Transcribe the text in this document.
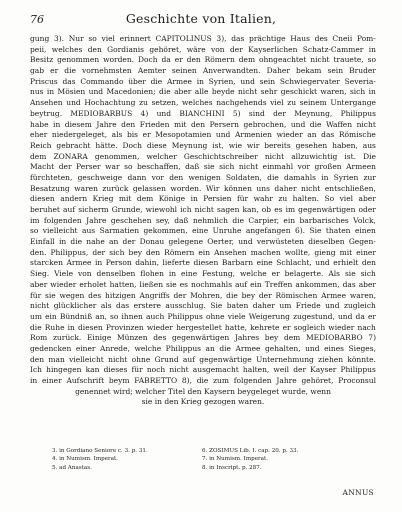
76	Geschichte von Italien,
gung 3). Nur so viel erinnert CAPITOLINUS 3), das prächtige Haus des Cneii Pom-
peii, welches den Gordianis gehöret, wäre von der Kayserlichen Schatz-Cammer in
Besitz genommen worden. Doch da er den Römern dem ohngeachtet nicht trauete, so
gab er die vornehmsten Aemter seinen Anverwandten. Daher bekam sein Bruder
Priscus das Commando über die Armee in Syrien, und sein Schwiegervater Severia-
nus in Mösien und Macedonien; die aber alle beyde nicht sehr geschickt waren, sich in
Ansehen und Hochachtung zu setzen, welches nachgehends viel zu seinem Untergange
beytrug. MEDIOBARBUS 4) und BIANCHINI 5) sind der Meynung, Philippus
habe in diesem Jahre den Frieden mit den Persern gebrochen, und die Waffen nicht
eher niedergeleget, als bis er Mesopotamien und Armenien wieder an das Römische
Reich gebracht hätte. Doch diese Meynung ist, wie wir bereits gesehen haben, aus
dem ZONARA genommen, welcher Geschichtschreiber nicht allzuwichtig ist. Die
Macht der Perser war so beschaffen, daß sie sich nicht einmahl vor großen Armeen
fürchteten, geschweige dann vor den wenigen Soldaten, die damahls in Syrien zur
Besatzung waren zurück gelassen worden. Wir können uns daher nicht entschließen,
diesen andern Krieg mit dem Könige in Persien für wahr zu halten. So viel aber
beruhet auf sicherm Grunde, wiewohl ich nicht sagen kan, ob es im gegenwärtigen oder
im folgenden Jahre geschehen sey, daß nehmlich die Carpier, ein barbarisches Volck,
so vielleicht aus Sarmatien gekommen, eine Unruhe angefangen 6). Sie thaten einen
Einfall in die nahe an der Donau gelegene Oerter, und verwüsteten dieselben Gegen-
den. Philippus, der sich bey den Römern ein Ansehen machen wollte, gieng mit einer
starcken Armee in Person dahin, lieferte diesen Barbarn eine Schlacht, und erhielt den
Sieg. Viele von denselben flohen in eine Festung, welche er belagerte. Als sie sich
aber wieder erholet hatten, ließen sie es nochmahls auf ein Treffen ankommen, das aber
für sie wegen des hitzigen Angriffs der Mohren, die bey der Römischen Armee waren,
nicht glücklicher als das erstere ausschlug. Sie baten daher um Friede und zugleich
um ein Bündniß an, so ihnen auch Philippus ohne viele Weigerung zugestund, und da er
die Ruhe in diesen Provinzen wieder hergestellet hatte, kehrete er sogleich wieder nach
Rom zurück. Einige Münzen des gegenwärtigen Jahres bey dem MEDIOBARBO 7)
gedencken einer Anrede, welche Philippus an die Armee gehalten, und eines Sieges,
den man vielleicht nicht ohne Grund auf gegenwärtige Unternehmung ziehen könnte.
Ich hingegen kan dieses für noch nicht ausgemacht halten, weil der Kayser Philippus
in einer Aufschrift beym FABRETTO 8), die zum folgenden Jahre gehöret, Proconsul
genennet wird; welcher Titel den Kaysern beygeleget wurde, wenn
sie in den Krieg gezogen waren.
3. in Gordiano Seniore c. 3. p. 31.	6. ZOSIMUS Lib. I. cap. 20. p. 33.
4. in Numism. Imperat.	7. in Numism. Imperat.
5. ad Anastas.	8. in Inscript. p. 287.
ANNUS
